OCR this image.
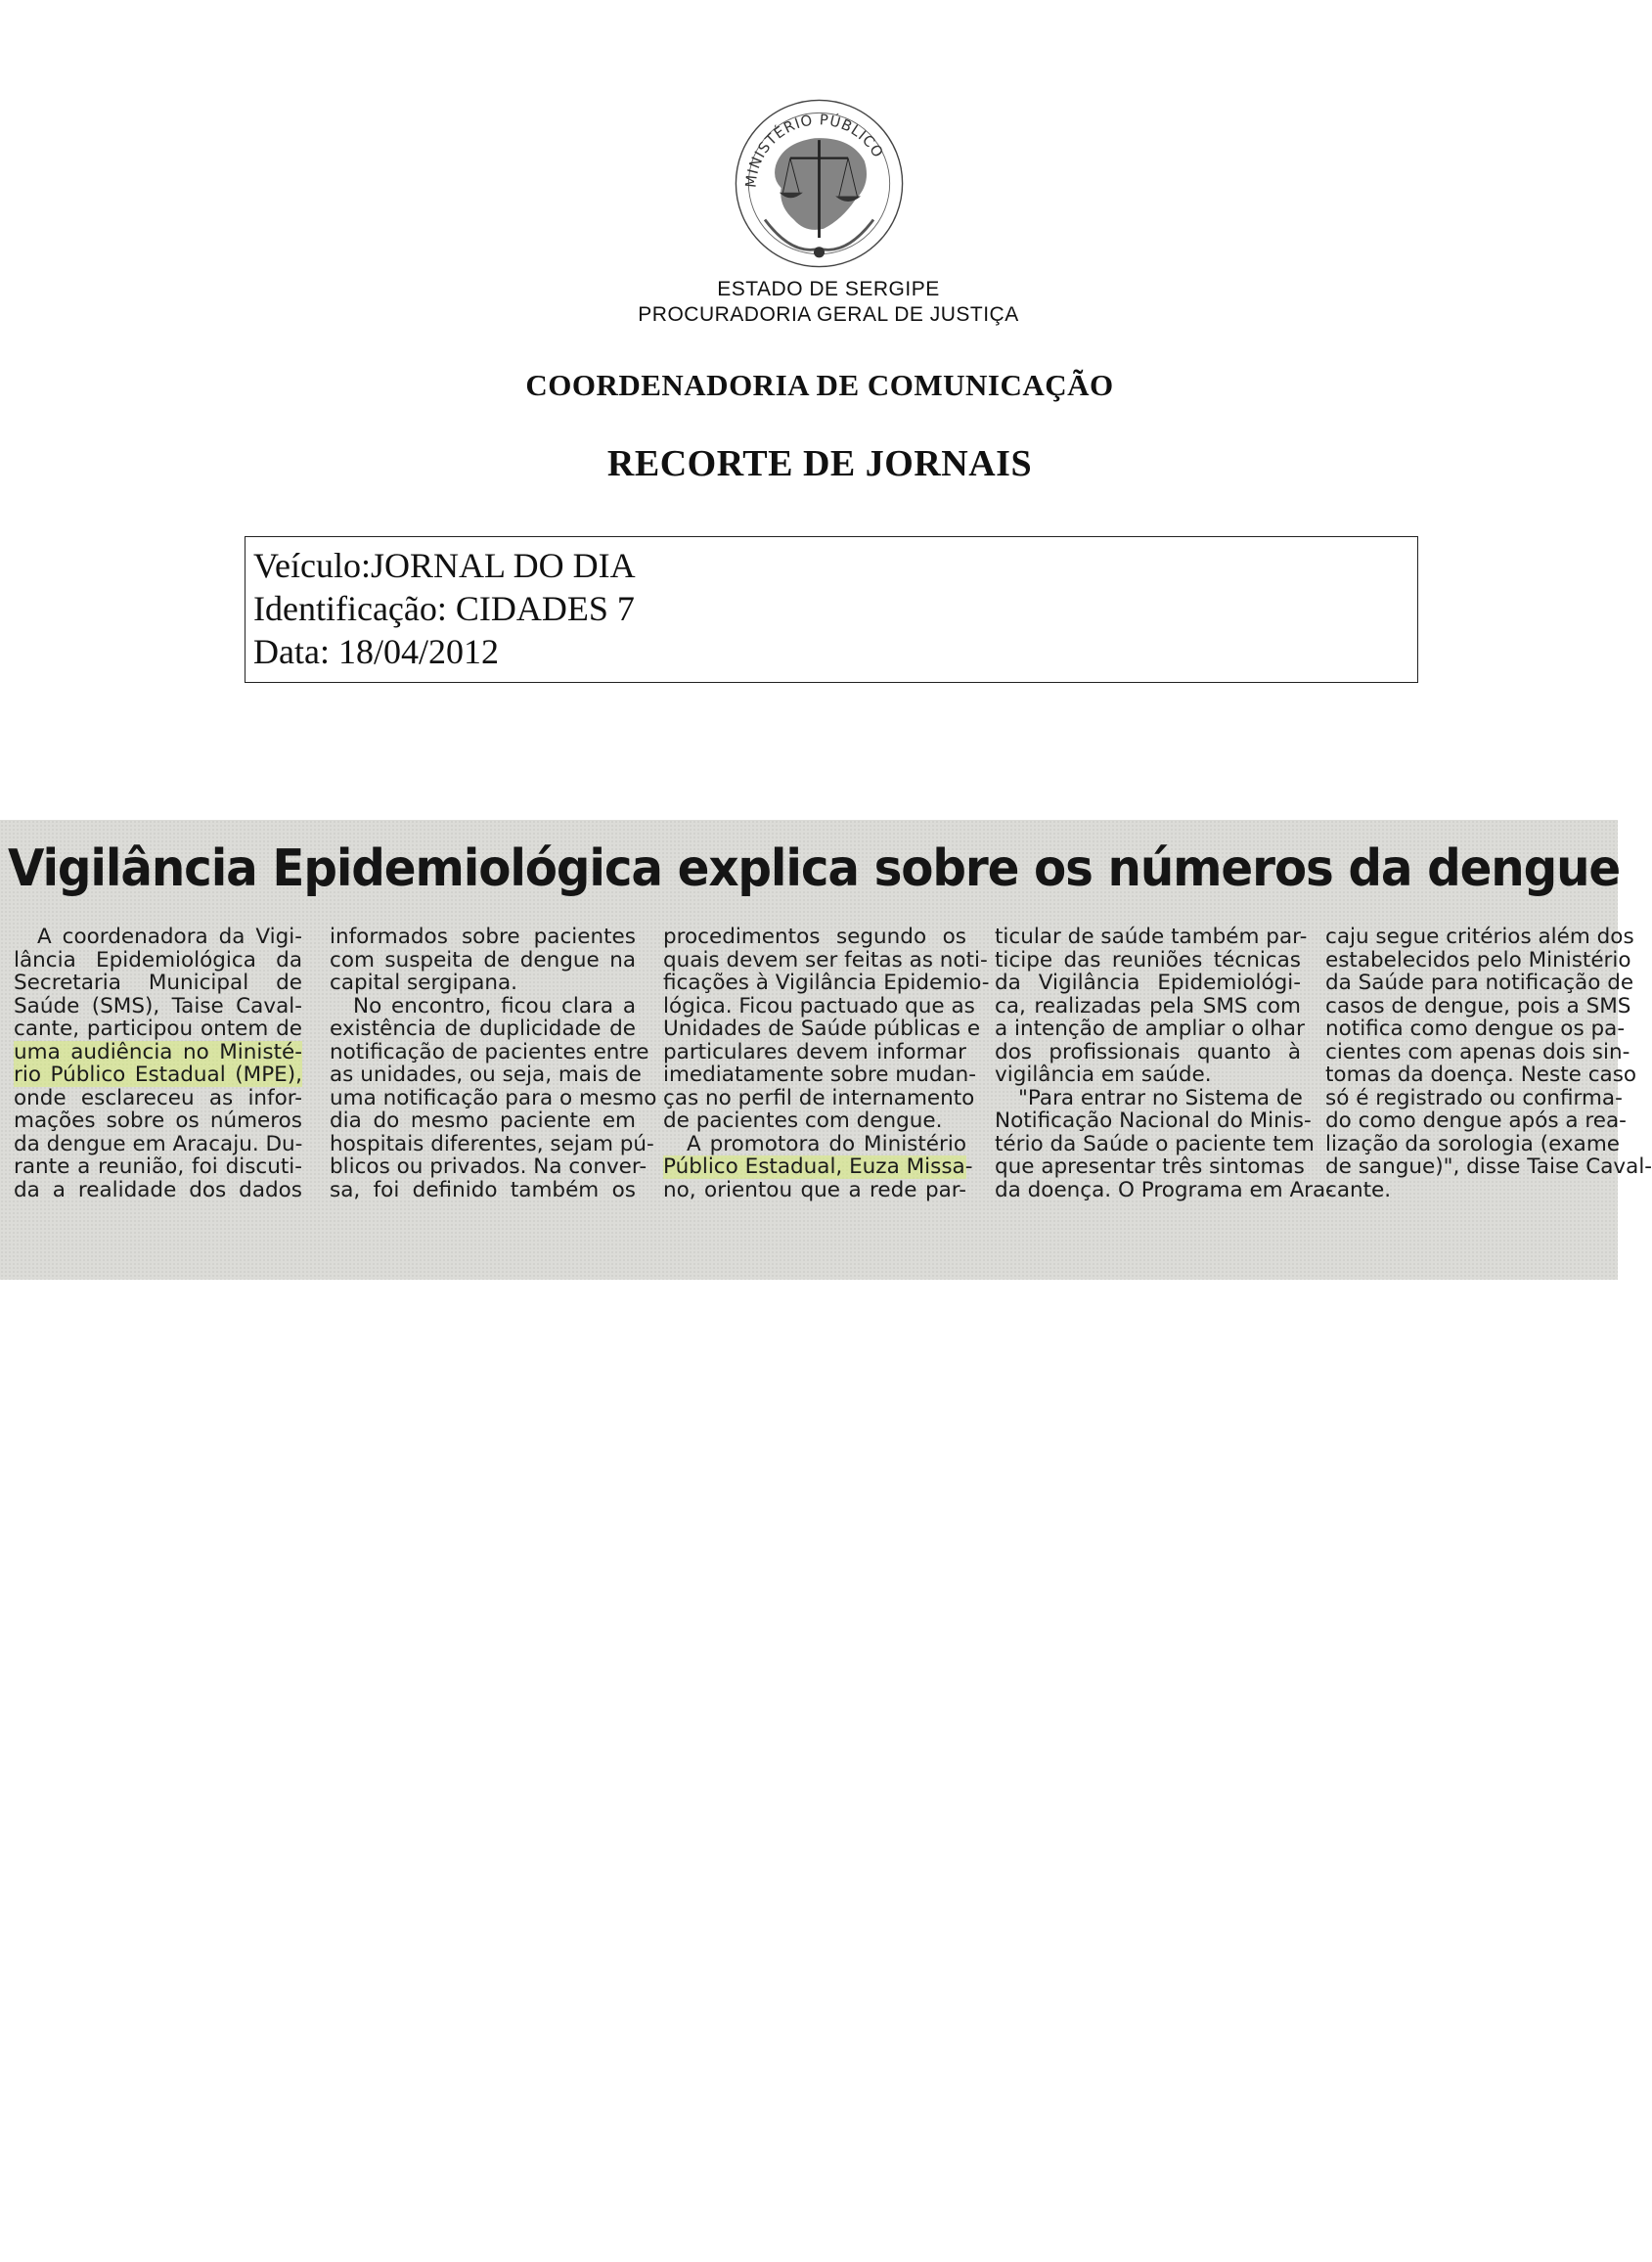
MINISTÉRIO PÚBLICO
ESTADO DE SERGIPE
PROCURADORIA GERAL DE JUSTIÇA
COORDENADORIA DE COMUNICAÇÃO
RECORTE DE JORNAIS
Veículo:JORNAL DO DIA
Identificação: CIDADES 7
Data: 18/04/2012
Vigilância Epidemiológica explica sobre os números da dengue
A coordenadora da Vigi-
lância Epidemiológica da
Secretaria Municipal de
Saúde (SMS), Taise Caval-
cante, participou ontem de
uma audiência no Ministé-
rio Público Estadual (MPE),
onde esclareceu as infor-
mações sobre os números
da dengue em Aracaju. Du-
rante a reunião, foi discuti-
da a realidade dos dados
informados sobre pacientes
com suspeita de dengue na
capital sergipana.
No encontro, ficou clara a
existência de duplicidade de
notificação de pacientes entre
as unidades, ou seja, mais de
uma notificação para o mesmo
dia do mesmo paciente em
hospitais diferentes, sejam pú-
blicos ou privados. Na conver-
sa, foi definido também os
procedimentos segundo os
quais devem ser feitas as noti-
ficações à Vigilância Epidemio-
lógica. Ficou pactuado que as
Unidades de Saúde públicas e
particulares devem informar
imediatamente sobre mudan-
ças no perfil de internamento
de pacientes com dengue.
A promotora do Ministério
Público Estadual, Euza Missa-
no, orientou que a rede par-
ticular de saúde também par-
ticipe das reuniões técnicas
da Vigilância Epidemiológi-
ca, realizadas pela SMS com
a intenção de ampliar o olhar
dos profissionais quanto à
vigilância em saúde.
"Para entrar no Sistema de
Notificação Nacional do Minis-
tério da Saúde o paciente tem
que apresentar três sintomas
da doença. O Programa em Ara-
caju segue critérios além dos
estabelecidos pelo Ministério
da Saúde para notificação de
casos de dengue, pois a SMS
notifica como dengue os pa-
cientes com apenas dois sin-
tomas da doença. Neste caso
só é registrado ou confirma-
do como dengue após a rea-
lização da sorologia (exame
de sangue)", disse Taise Caval-
cante.
